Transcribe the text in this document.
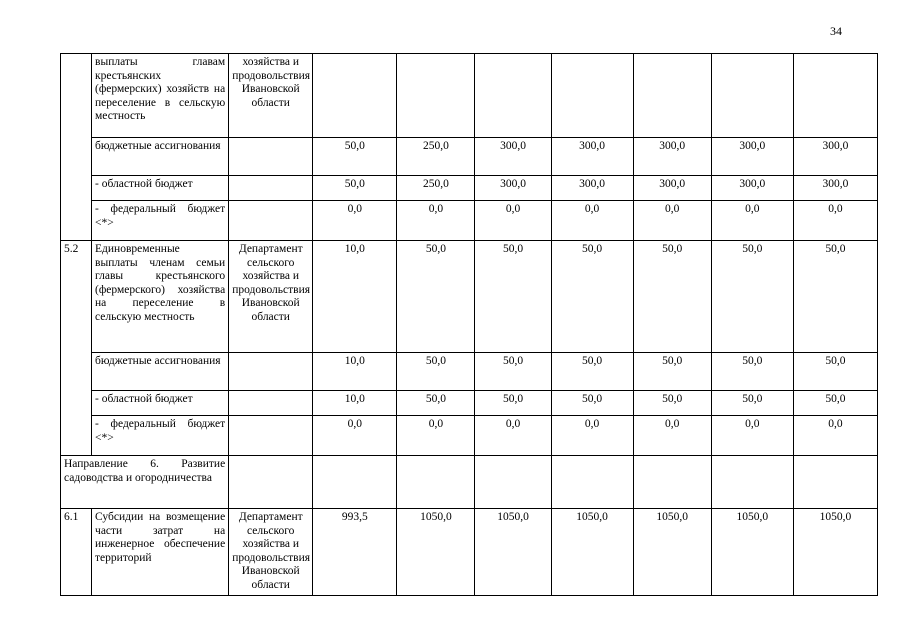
34
	выплаты главам крестьянских (фермерских) хозяйств на переселение в сельскую местность	хозяйства и продовольствия Ивановской области							
	бюджетные ассигнования		50,0	250,0	300,0	300,0	300,0	300,0	300,0
	- областной бюджет		50,0	250,0	300,0	300,0	300,0	300,0	300,0
	- федеральный бюджет <*>		0,0	0,0	0,0	0,0	0,0	0,0	0,0
5.2	Единовременные выплаты членам семьи главы крестьянского (фермерского) хозяйства на переселение в сельскую местность	Департамент сельского хозяйства и продовольствия Ивановской области	10,0	50,0	50,0	50,0	50,0	50,0	50,0
	бюджетные ассигнования		10,0	50,0	50,0	50,0	50,0	50,0	50,0
	- областной бюджет		10,0	50,0	50,0	50,0	50,0	50,0	50,0
	- федеральный бюджет <*>		0,0	0,0	0,0	0,0	0,0	0,0	0,0
Направление 6. Развитие садоводства и огородничества									
6.1	Субсидии на возмещение части затрат на инженерное обеспечение территорий	Департамент сельского хозяйства и продовольствия Ивановской области	993,5	1050,0	1050,0	1050,0	1050,0	1050,0	1050,0
